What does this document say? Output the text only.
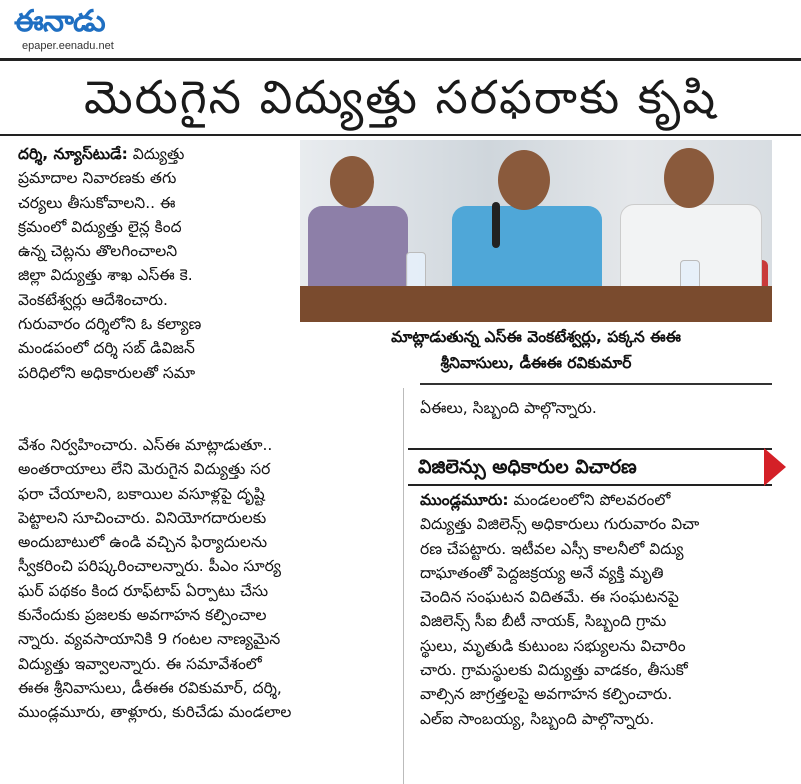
ఈనాడు
epaper.eenadu.net
మెరుగైన విద్యుత్తు సరఫరాకు కృషి
దర్శి, న్యూస్‌టుడే: విద్యుత్తు
ప్రమాదాల నివారణకు తగు
చర్యలు తీసుకోవాలని.. ఈ
క్రమంలో విద్యుత్తు లైన్ల కింద
ఉన్న చెట్లను తొలగించాలని
జిల్లా విద్యుత్తు శాఖ ఎస్‌ఈ కె.
వెంకటేశ్వర్లు ఆదేశించారు.
గురువారం దర్శిలోని ఓ కల్యాణ
మండపంలో దర్శి సబ్ డివిజన్
పరిధిలోని అధికారులతో సమా
వేశం నిర్వహించారు. ఎస్‌ఈ మాట్లాడుతూ..
అంతరాయాలు లేని మెరుగైన విద్యుత్తు సర
ఫరా చేయాలని, బకాయిల వసూళ్లపై దృష్టి
పెట్టాలని సూచించారు. వినియోగదారులకు
అందుబాటులో ఉండి వచ్చిన ఫిర్యాదులను
స్వీకరించి పరిష్కరించాలన్నారు. పీఎం సూర్య
ఘర్ పథకం కింద రూఫ్‌టాప్ ఏర్పాటు చేసు
కునేందుకు ప్రజలకు అవగాహన కల్పించాల
న్నారు. వ్యవసాయానికి 9 గంటల నాణ్యమైన
విద్యుత్తు ఇవ్వాలన్నారు. ఈ సమావేశంలో
ఈఈ శ్రీనివాసులు, డీఈఈ రవికుమార్, దర్శి,
ముండ్లమూరు, తాళ్లూరు, కురిచేడు మండలాల
మాట్లాడుతున్న ఎస్‌ఈ వెంకటేశ్వర్లు, పక్కన ఈఈ
శ్రీనివాసులు, డీఈఈ రవికుమార్
ఏఈలు, సిబ్బంది పాల్గొన్నారు.
విజిలెన్సు అధికారుల విచారణ
ముండ్లమూరు: మండలంలోని పోలవరంలో
విద్యుత్తు విజిలెన్స్ అధికారులు గురువారం విచా
రణ చేపట్టారు. ఇటీవల ఎస్సీ కాలనీలో విద్యు
దాఘాతంతో పెద్దజక్రయ్య అనే వ్యక్తి మృతి
చెందిన సంఘటన విదితమే. ఈ సంఘటనపై
విజిలెన్స్ సీఐ బీటీ నాయక్, సిబ్బంది గ్రామ
స్థులు, మృతుడి కుటుంబ సభ్యులను విచారిం
చారు. గ్రామస్థులకు విద్యుత్తు వాడకం, తీసుకో
వాల్సిన జాగ్రత్తలపై అవగాహన కల్పించారు.
ఎల్ఐ సాంబయ్య, సిబ్బంది పాల్గొన్నారు.
